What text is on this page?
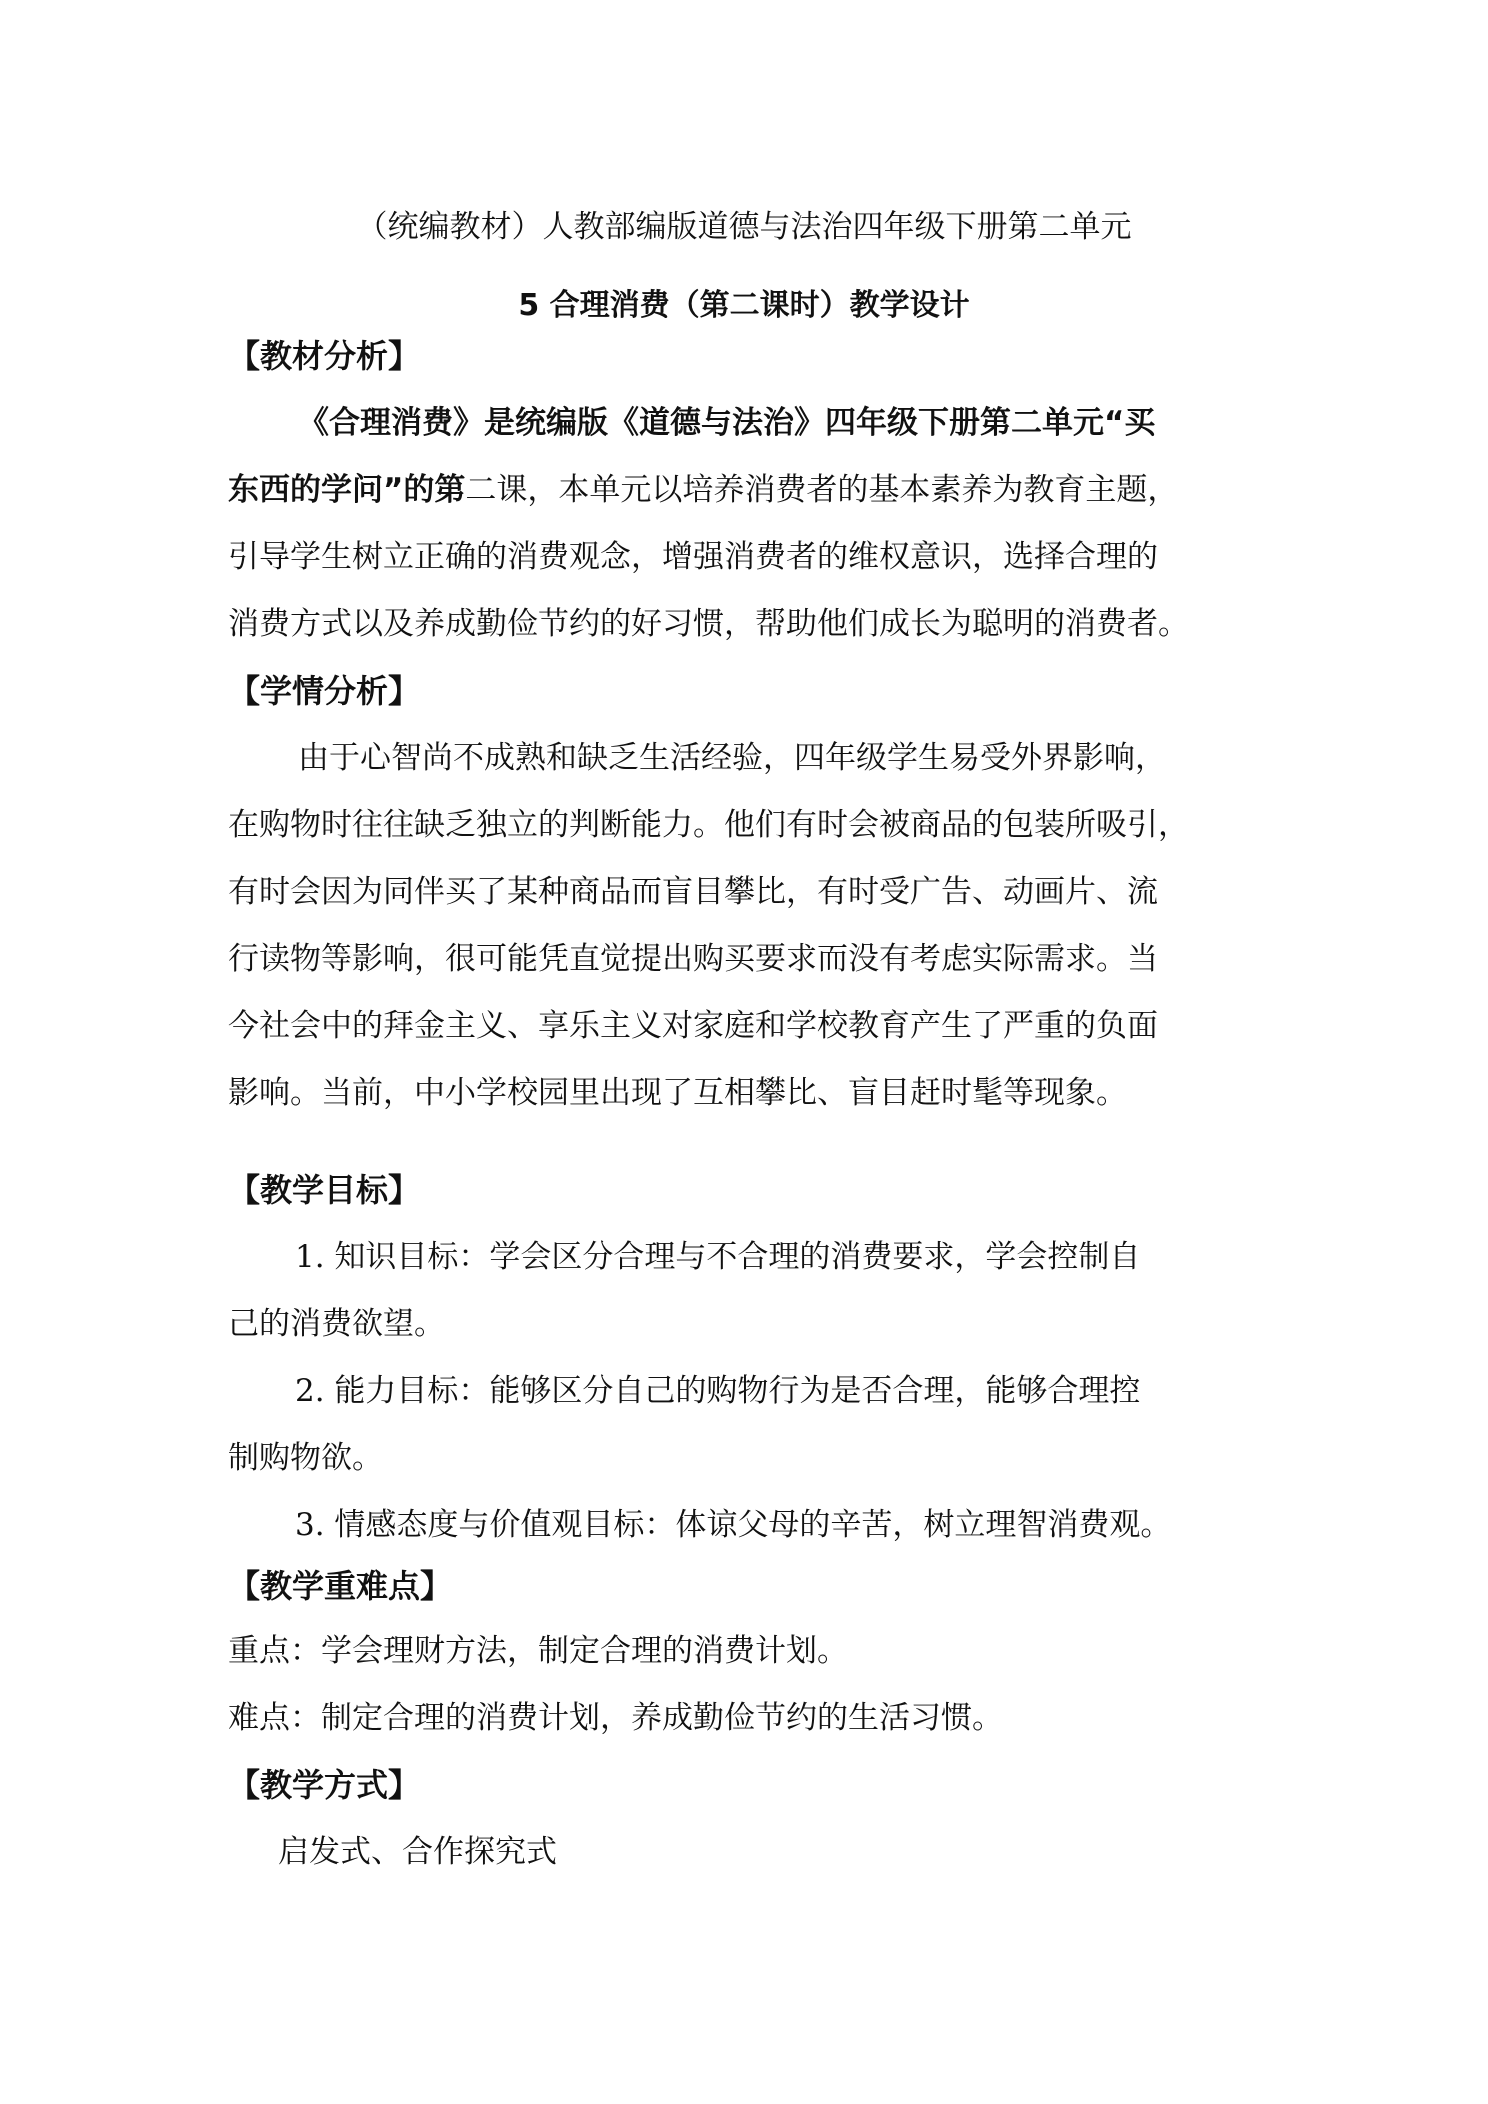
（统编教材）人教部编版道德与法治四年级下册第二单元
5 合理消费（第二课时）教学设计
【教材分析】
《合理消费》是统编版《道德与法治》四年级下册第二单元“买
东西的学问”的第二课，本单元以培养消费者的基本素养为教育主题，
引导学生树立正确的消费观念，增强消费者的维权意识，选择合理的
消费方式以及养成勤俭节约的好习惯，帮助他们成长为聪明的消费者。
【学情分析】
由于心智尚不成熟和缺乏生活经验，四年级学生易受外界影响，
在购物时往往缺乏独立的判断能力。他们有时会被商品的包装所吸引，
有时会因为同伴买了某种商品而盲目攀比，有时受广告、动画片、流
行读物等影响，很可能凭直觉提出购买要求而没有考虑实际需求。当
今社会中的拜金主义、享乐主义对家庭和学校教育产生了严重的负面
影响。当前，中小学校园里出现了互相攀比、盲目赶时髦等现象。
【教学目标】
1. 知识目标：学会区分合理与不合理的消费要求，学会控制自
己的消费欲望。
2. 能力目标：能够区分自己的购物行为是否合理，能够合理控
制购物欲。
3. 情感态度与价值观目标：体谅父母的辛苦，树立理智消费观。
【教学重难点】
重点：学会理财方法，制定合理的消费计划。
难点：制定合理的消费计划，养成勤俭节约的生活习惯。
【教学方式】
启发式、合作探究式
